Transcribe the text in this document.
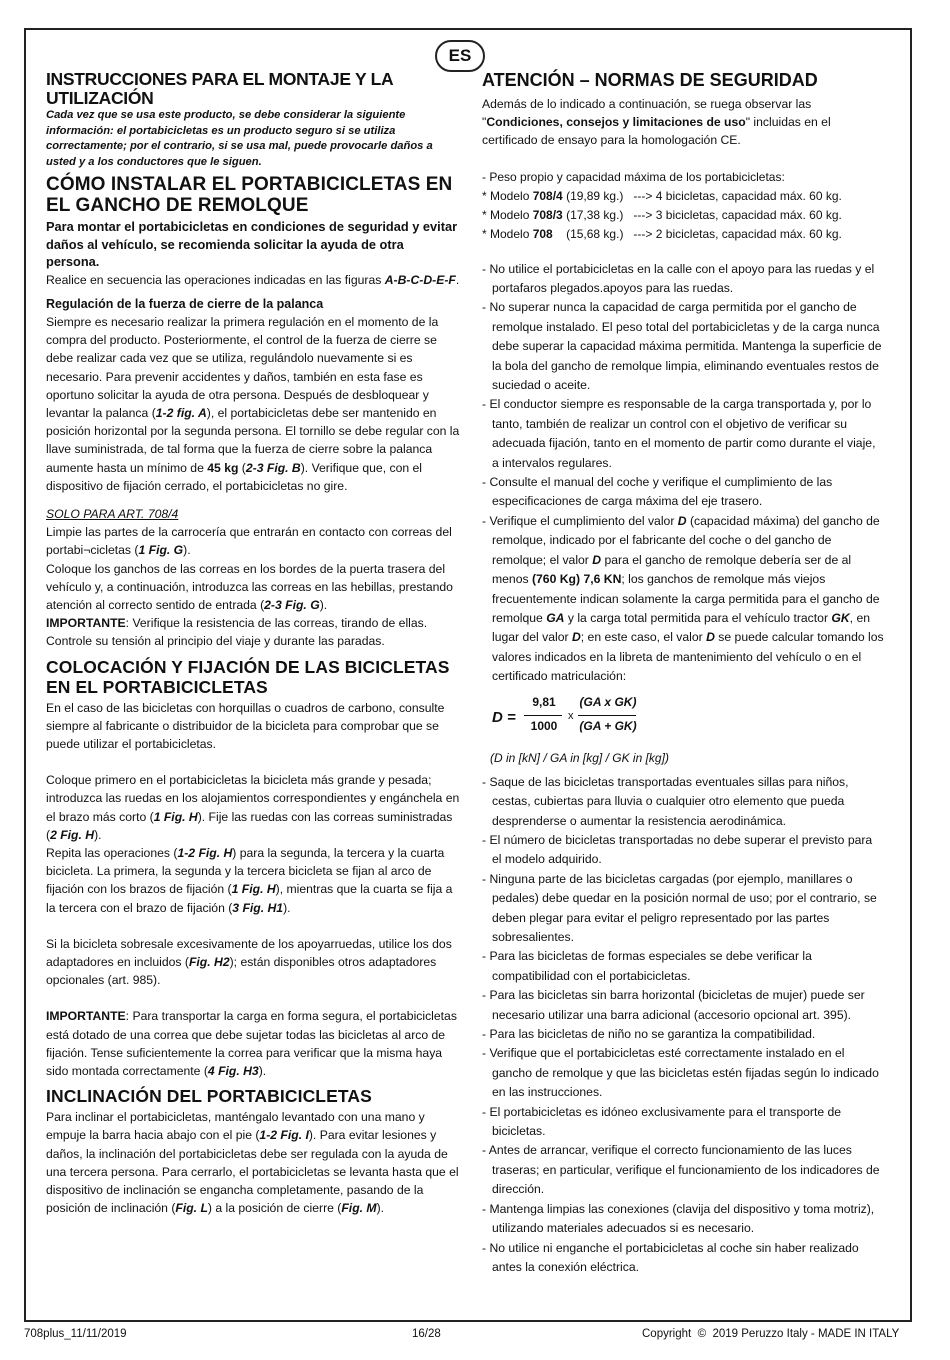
ES
INSTRUCCIONES PARA EL MONTAJE Y LA UTILIZACIÓN

Cada vez que se usa este producto, se debe considerar la siguiente información: el portabicicletas es un producto seguro si se utiliza correctamente; por el contrario, si se usa mal, puede provocarle daños a usted y a los conductores que le siguen.

CÓMO INSTALAR EL PORTABICICLETAS EN EL GANCHO DE REMOLQUE

Para montar el portabicicletas en condiciones de seguridad y evitar daños al vehículo, se recomienda solicitar la ayuda de otra persona.

Realice en secuencia las operaciones indicadas en las figuras A-B-C-D-E-F.

Regulación de la fuerza de cierre de la palanca

Siempre es necesario realizar la primera regulación en el momento de la compra del producto. Posteriormente, el control de la fuerza de cierre se debe realizar cada vez que se utiliza, regulándolo nuevamente si es necesario. Para prevenir accidentes y daños, también en esta fase es oportuno solicitar la ayuda de otra persona. Después de desbloquear y levantar la palanca (1-2 fig. A), el portabicicletas debe ser mantenido en posición horizontal por la segunda persona. El tornillo se debe regular con la llave suministrada, de tal forma que la fuerza de cierre sobre la palanca aumente hasta un mínimo de 45 kg (2-3 Fig. B). Verifique que, con el dispositivo de fijación cerrado, el portabicicletas no gire.

SOLO PARA ART. 708/4

Limpie las partes de la carrocería que entrarán en contacto con correas del portabi¬cicletas (1 Fig. G).

Coloque los ganchos de las correas en los bordes de la puerta trasera del vehículo y, a continuación, introduzca las correas en las hebillas, prestando atención al correcto sentido de entrada (2-3 Fig. G).

IMPORTANTE: Verifique la resistencia de las correas, tirando de ellas. Controle su tensión al principio del viaje y durante las paradas.

COLOCACIÓN Y FIJACIÓN DE LAS BICICLETAS EN EL PORTABICICLETAS

En el caso de las bicicletas con horquillas o cuadros de carbono, consulte siempre al fabricante o distribuidor de la bicicleta para comprobar que se puede utilizar el portabicicletas.

Coloque primero en el portabicicletas la bicicleta más grande y pesada; introduzca las ruedas en los alojamientos correspondientes y engánchela en el brazo más corto (1 Fig. H). Fije las ruedas con las correas suministradas (2 Fig. H).

Repita las operaciones (1-2 Fig. H) para la segunda, la tercera y la cuarta bicicleta. La primera, la segunda y la tercera bicicleta se fijan al arco de fijación con los brazos de fijación (1 Fig. H), mientras que la cuarta se fija a la tercera con el brazo de fijación (3 Fig. H1).

Si la bicicleta sobresale excesivamente de los apoyarruedas, utilice los dos adaptadores en incluidos (Fig. H2); están disponibles otros adaptadores opcionales (art. 985).

IMPORTANTE: Para transportar la carga en forma segura, el portabicicletas está dotado de una correa que debe sujetar todas las bicicletas al arco de fijación. Tense suficientemente la correa para verificar que la misma haya sido montada correctamente (4 Fig. H3).

INCLINACIÓN DEL PORTABICICLETAS

Para inclinar el portabicicletas, manténgalo levantado con una mano y empuje la barra hacia abajo con el pie (1-2 Fig. I). Para evitar lesiones y daños, la inclinación del portabicicletas debe ser regulada con la ayuda de una tercera persona. Para cerrarlo, el portabicicletas se levanta hasta que el dispositivo de inclinación se engancha completamente, pasando de la posición de inclinación (Fig. L) a la posición de cierre (Fig. M).

ATENCIÓN – NORMAS DE SEGURIDAD

Además de lo indicado a continuación, se ruega observar las "Condiciones, consejos y limitaciones de uso" incluidas en el certificado de ensayo para la homologación CE.

- Peso propio y capacidad máxima de los portabicicletas:

* Modelo 708/4 (19,89 kg.)   ---> 4 bicicletas, capacidad máx. 60 kg.

* Modelo 708/3 (17,38 kg.)   ---> 3 bicicletas, capacidad máx. 60 kg.

* Modelo 708    (15,68 kg.)   ---> 2 bicicletas, capacidad máx. 60 kg.

- No utilice el portabicicletas en la calle con el apoyo para las ruedas y el portafaros plegados.apoyos para las ruedas.
- No superar nunca la capacidad de carga permitida por el gancho de remolque instalado. El peso total del portabicicletas y de la carga nunca debe superar la capacidad máxima permitida. Mantenga la superficie de la bola del gancho de remolque limpia, eliminando eventuales restos de suciedad o aceite.
- El conductor siempre es responsable de la carga transportada y, por lo tanto, también de realizar un control con el objetivo de verificar su adecuada fijación, tanto en el momento de partir como durante el viaje, a intervalos regulares.
- Consulte el manual del coche y verifique el cumplimiento de las especificaciones de carga máxima del eje trasero.
- Verifique el cumplimiento del valor D (capacidad máxima) del gancho de remolque, indicado por el fabricante del coche o del gancho de remolque; el valor D para el gancho de remolque debería ser de al menos (760 Kg) 7,6 KN; los ganchos de remolque más viejos frecuentemente indican solamente la carga permitida para el gancho de remolque GA y la carga total permitida para el vehículo tractor GK, en lugar del valor D; en este caso, el valor D se puede calcular tomando los valores indicados en la libreta de mantenimiento del vehículo o en el certificado matriculación:
D =
9,81
1000
x
(GA x GK)
(GA + GK)

(D in [kN] / GA in [kg] / GK in [kg])

- Saque de las bicicletas transportadas eventuales sillas para niños, cestas, cubiertas para lluvia o cualquier otro elemento que pueda desprenderse o aumentar la resistencia aerodinámica.
- El número de bicicletas transportadas no debe superar el previsto para el modelo adquirido.
- Ninguna parte de las bicicletas cargadas (por ejemplo, manillares o pedales) debe quedar en la posición normal de uso; por el contrario, se deben plegar para evitar el peligro representado por las partes sobresalientes.
- Para las bicicletas de formas especiales se debe verificar la compatibilidad con el portabicicletas.
- Para las bicicletas sin barra horizontal (bicicletas de mujer) puede ser necesario utilizar una barra adicional (accesorio opcional art. 395).
- Para las bicicletas de niño no se garantiza la compatibilidad.
- Verifique que el portabicicletas esté correctamente instalado en el gancho de remolque y que las bicicletas estén fijadas según lo indicado en las instrucciones.
- El portabicicletas es idóneo exclusivamente para el transporte de bicicletas.
- Antes de arrancar, verifique el correcto funcionamiento de las luces traseras; en particular, verifique el funcionamiento de los indicadores de dirección.
- Mantenga limpias las conexiones (clavija del dispositivo y toma motriz), utilizando materiales adecuados si es necesario.
- No utilice ni enganche el portabicicletas al coche sin haber realizado antes la conexión eléctrica.
708plus_11/11/2019	16/28	Copyright  ©  2019 Peruzzo Italy - MADE IN ITALY
